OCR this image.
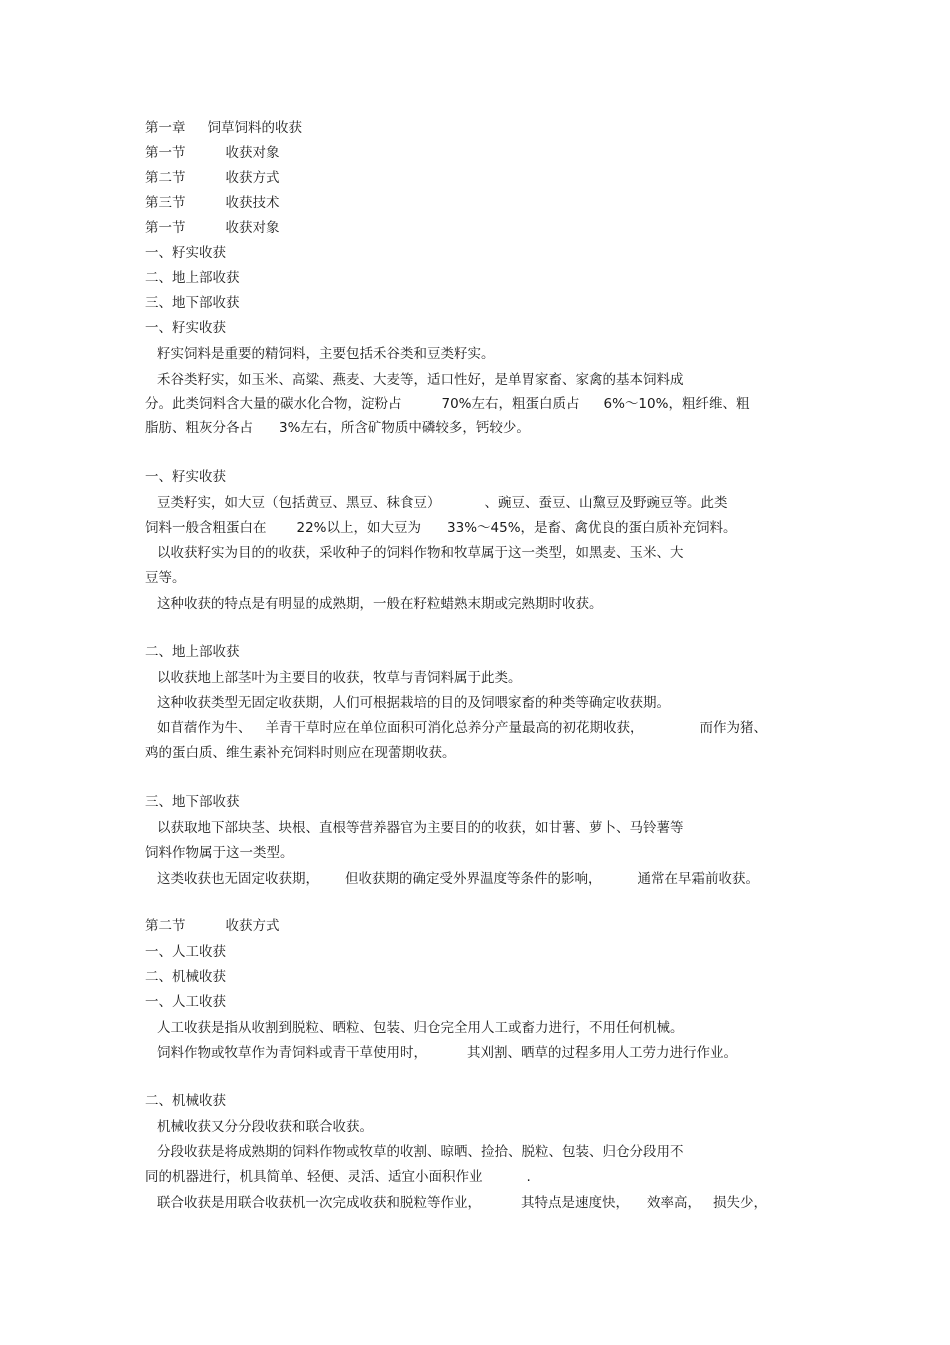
第一章 饲草饲料的收获
第一节	收获对象
第二节	收获方式
第三节	收获技术
第一节	收获对象
一、籽实收获
二、地上部收获
三、地下部收获
一、籽实收获
籽实饲料是重要的精饲料，主要包括禾谷类和豆类籽实。
禾谷类籽实，如玉米、高粱、燕麦、大麦等，适口性好，是单胃家畜、家禽的基本饲料成
分。此类饲料含大量的碳水化合物，淀粉占	70%左右，粗蛋白质占 6%～10%，粗纤维、粗
脂肪、粗灰分各占 3%左右，所含矿物质中磷较多，钙较少。
一、籽实收获
豆类籽实，如大豆（包括黄豆、黑豆、秣食豆）	、豌豆、蚕豆、山黧豆及野豌豆等。此类
饲料一般含粗蛋白在 22%以上，如大豆为 33%～45%，是畜、禽优良的蛋白质补充饲料。
以收获籽实为目的的收获，采收种子的饲料作物和牧草属于这一类型，如黑麦、玉米、大
豆等。
这种收获的特点是有明显的成熟期，一般在籽粒蜡熟末期或完熟期时收获。
二、地上部收获
以收获地上部茎叶为主要目的收获，牧草与青饲料属于此类。
这种收获类型无固定收获期，人们可根据栽培的目的及饲喂家畜的种类等确定收获期。
如苜蓿作为牛、 羊青干草时应在单位面积可消化总养分产量最高的初花期收获，	而作为猪、
鸡的蛋白质、维生素补充饲料时则应在现蕾期收获。
三、地下部收获
以获取地下部块茎、块根、直根等营养器官为主要目的的收获，如甘薯、萝卜、马铃薯等
饲料作物属于这一类型。
这类收获也无固定收获期， 但收获期的确定受外界温度等条件的影响，	通常在早霜前收获。
第二节	收获方式
一、人工收获
二、机械收获
一、人工收获
人工收获是指从收割到脱粒、晒粒、包装、归仓完全用人工或畜力进行，不用任何机械。
饲料作物或牧草作为青饲料或青干草使用时，	其刈割、晒草的过程多用人工劳力进行作业。
二、机械收获
机械收获又分分段收获和联合收获。
分段收获是将成熟期的饲料作物或牧草的收割、晾晒、捡拾、脱粒、包装、归仓分段用不
同的机器进行，机具简单、轻便、灵活、适宜小面积作业	.
联合收获是用联合收获机一次完成收获和脱粒等作业，	其特点是速度快， 效率高， 损失少，
